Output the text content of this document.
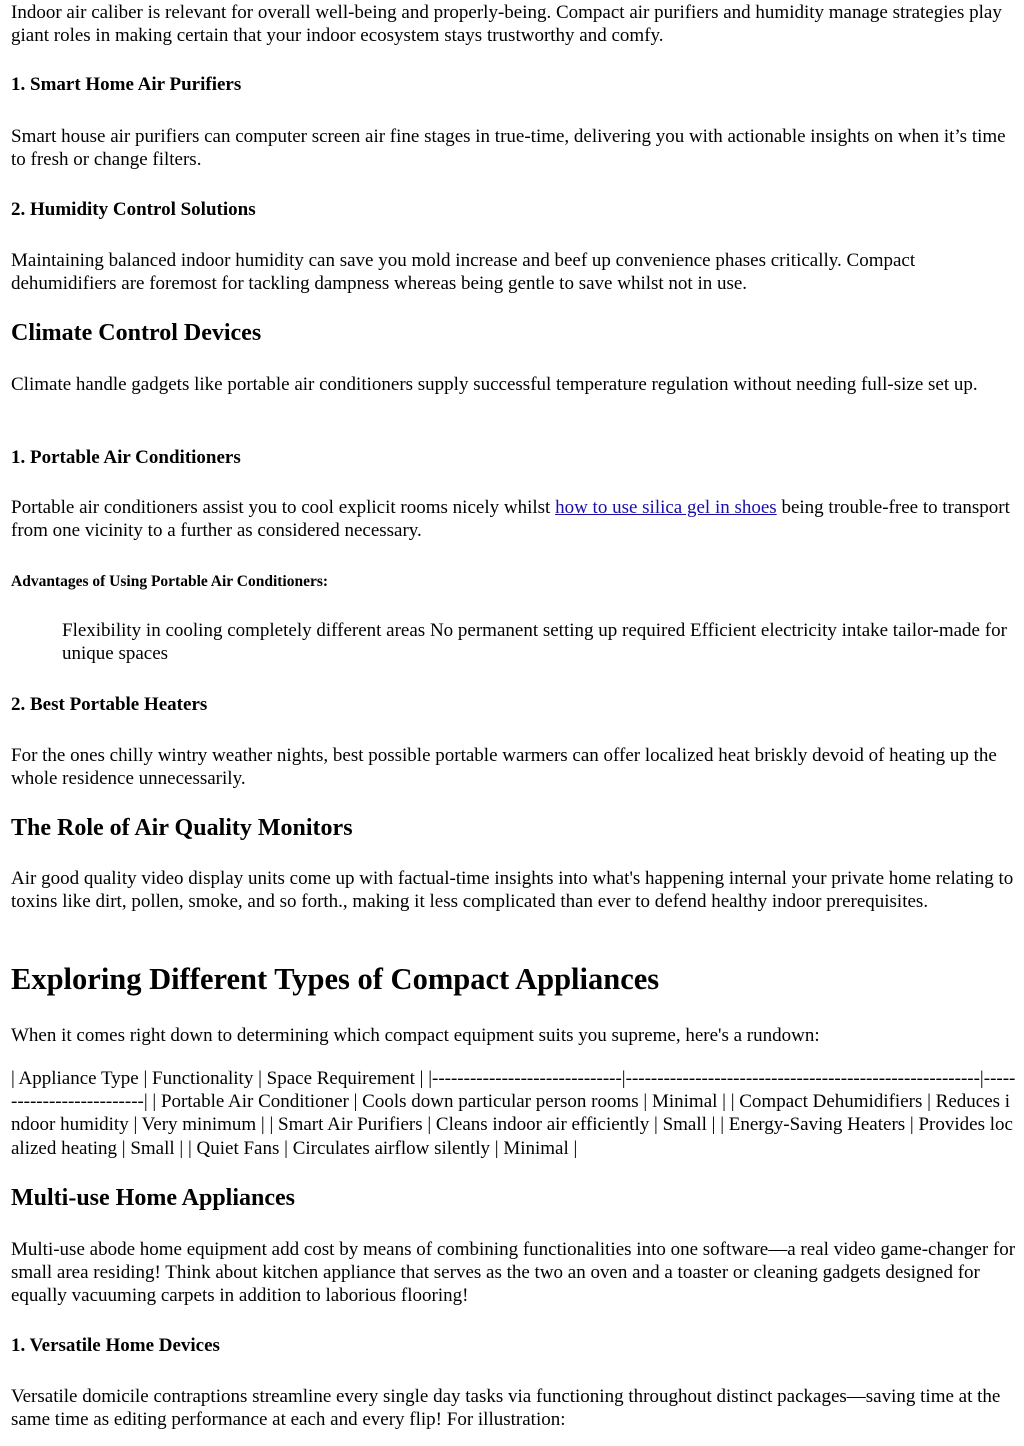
Indoor air caliber is relevant for overall well-being and properly-being. Compact air purifiers and humidity manage strategies play giant roles in making certain that your indoor ecosystem stays trustworthy and comfy.

1. Smart Home Air Purifiers

Smart house air purifiers can computer screen air fine stages in true-time, delivering you with actionable insights on when it’s time to fresh or change filters.

2. Humidity Control Solutions

Maintaining balanced indoor humidity can save you mold increase and beef up convenience phases critically. Compact dehumidifiers are foremost for tackling dampness whereas being gentle to save whilst not in use.

Climate Control Devices

Climate handle gadgets like portable air conditioners supply successful temperature regulation without needing full-size set up.

1. Portable Air Conditioners

Portable air conditioners assist you to cool explicit rooms nicely whilst how to use silica gel in shoes being trouble-free to transport from one vicinity to a further as considered necessary.

Advantages of Using Portable Air Conditioners:
Flexibility in cooling completely different areas No permanent setting up required Efficient electricity intake tailor-made for unique spaces
2. Best Portable Heaters

For the ones chilly wintry weather nights, best possible portable warmers can offer localized heat briskly devoid of heating up the whole residence unnecessarily.

The Role of Air Quality Monitors

Air good quality video display units come up with factual-time insights into what's happening internal your private home relating to toxins like dirt, pollen, smoke, and so forth., making it less complicated than ever to defend healthy indoor prerequisites.

Exploring Different Types of Compact Appliances

When it comes right down to determining which compact equipment suits you supreme, here's a rundown:

| Appliance Type | Functionality | Space Requirement | |------------------------------|--------------------------------------------------------|--------------------------| | Portable Air Conditioner | Cools down particular person rooms | Minimal | | Compact Dehumidifiers | Reduces indoor humidity | Very minimum | | Smart Air Purifiers | Cleans indoor air efficiently | Small | | Energy-Saving Heaters | Provides localized heating | Small | | Quiet Fans | Circulates airflow silently | Minimal |

Multi-use Home Appliances

Multi-use abode home equipment add cost by means of combining functionalities into one software—a real video game-changer for small area residing! Think about kitchen appliance that serves as the two an oven and a toaster or cleaning gadgets designed for equally vacuuming carpets in addition to laborious flooring!

1. Versatile Home Devices

Versatile domicile contraptions streamline every single day tasks via functioning throughout distinct packages—saving time at the same time as editing performance at each and every flip! For illustration:
